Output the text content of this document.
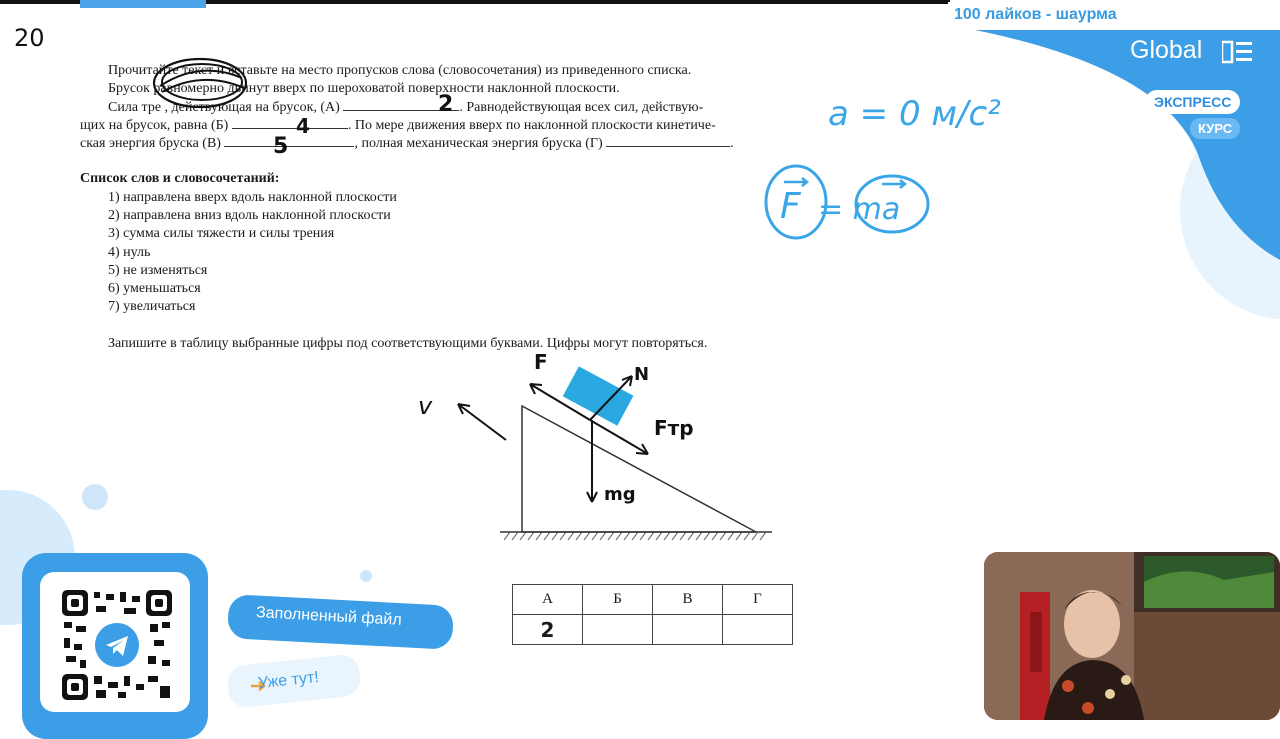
100 лайков - шаурма
Global
ЭКСПРЕСС
КУРС
20
Прочитайте текст и вставьте на место пропусков слова (словосочетания) из приведенного списка.
Брусок равномерно двинут вверх по шероховатой поверхности наклонной плоскости.
Сила тре , действующая на брусок, (А)	. Равнодействующая всех сил, действую-
щих на брусок, равна (Б)	. По мере движения вверх по наклонной плоскости кинетиче-
ская энергия бруска (В)	, полная механическая энергия бруска (Г)	.
Список слов и словосочетаний:
1) направлена вверх вдоль наклонной плоскости
2) направлена вниз вдоль наклонной плоскости
3) сумма силы тяжести и силы трения
4) нуль
5) не изменяться
6) уменьшаться
7) увеличаться
Запишите в таблицу выбранные цифры под соответствующими буквами. Цифры могут повторяться.
2
4
5
a = 0 м/с²
F = ma
v
F
N
Fтр
mg
А	Б	В	Г
2			
Заполненный файл
Уже тут!
